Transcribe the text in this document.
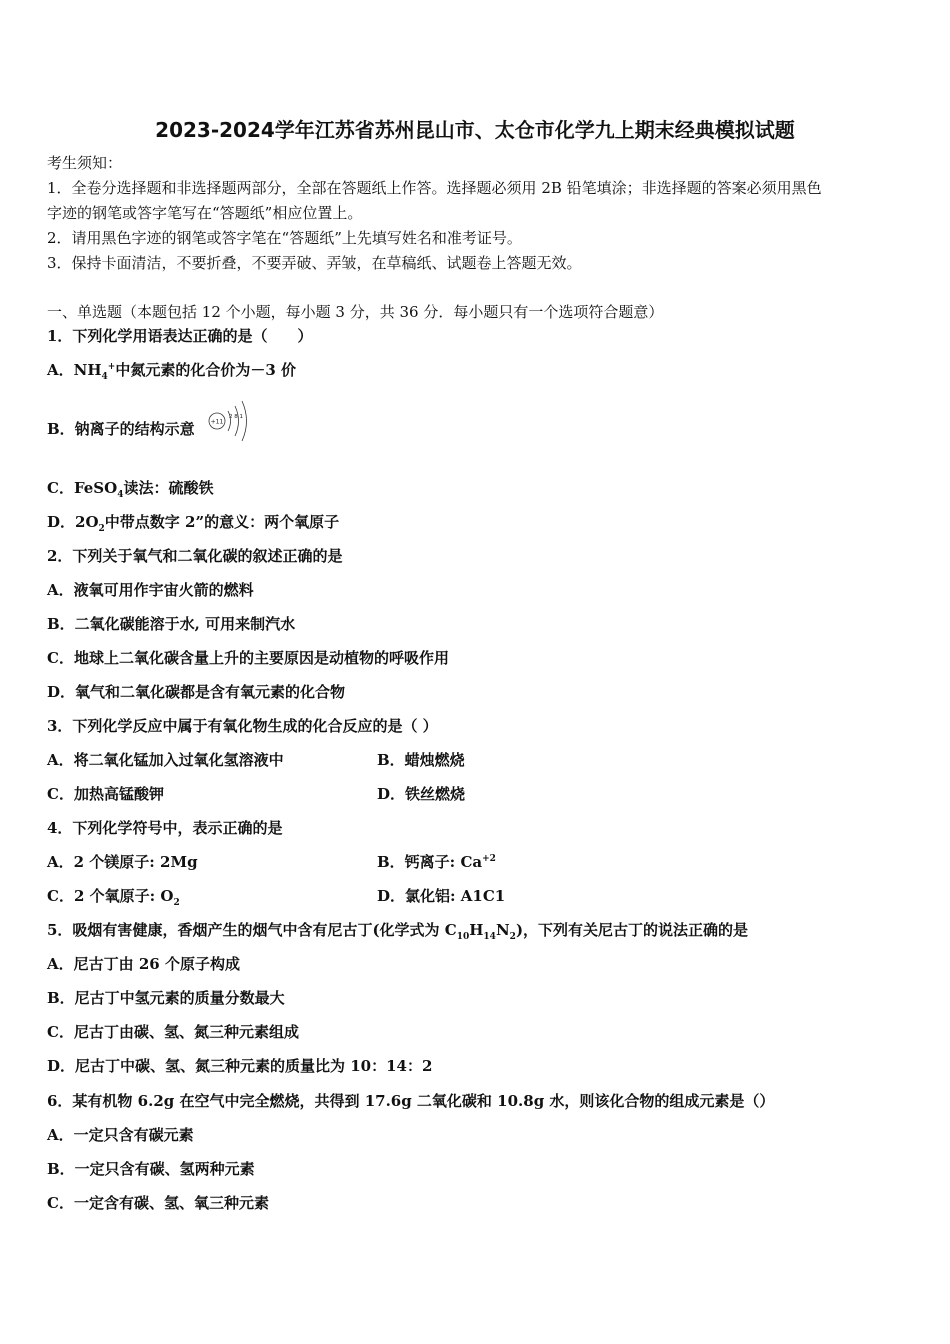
2023-2024学年江苏省苏州昆山市、太仓市化学九上期末经典模拟试题
考生须知：
1．全卷分选择题和非选择题两部分，全部在答题纸上作答。选择题必须用 2B 铅笔填涂；非选择题的答案必须用黑色
字迹的钢笔或答字笔写在“答题纸”相应位置上。
2．请用黑色字迹的钢笔或答字笔在“答题纸”上先填写姓名和准考证号。
3．保持卡面清洁，不要折叠，不要弄破、弄皱，在草稿纸、试题卷上答题无效。
一、单选题（本题包括 12 个小题，每小题 3 分，共 36 分．每小题只有一个选项符合题意）
1．下列化学用语表达正确的是（　　）
A．$NH_4^+$中氮元素的化合价为－3 价
B．钠离子的结构示意	+11
2 8 1
C．FeSO$_4$读法：硫酸铁
D．$2O_2$中带点数字 2”的意义：两个氧原子
2．下列关于氧气和二氧化碳的叙述正确的是
A．液氧可用作宇宙火箭的燃料
B．二氧化碳能溶于水, 可用来制汽水
C．地球上二氧化碳含量上升的主要原因是动植物的呼吸作用
D．氧气和二氧化碳都是含有氧元素的化合物
3．下列化学反应中属于有氧化物生成的化合反应的是（ ）
A．将二氧化锰加入过氧化氢溶液中	B．蜡烛燃烧
C．加热高锰酸钾	D．铁丝燃烧
4．下列化学符号中，表示正确的是
A．2 个镁原子: 2Mg	B．钙离子: $Ca^{+2}$
C．2 个氧原子: $O_2$	D．氯化铝: A1C1
5．吸烟有害健康，香烟产生的烟气中含有尼古丁(化学式为 $C_{10}H_{14}N_2$)，下列有关尼古丁的说法正确的是
A．尼古丁由 26 个原子构成
B．尼古丁中氢元素的质量分数最大
C．尼古丁由碳、氢、氮三种元素组成
D．尼古丁中碳、氢、氮三种元素的质量比为 10：14：2
6．某有机物 6.2g 在空气中完全燃烧，共得到 17.6g 二氧化碳和 10.8g 水，则该化合物的组成元素是（）
A．一定只含有碳元素
B．一定只含有碳、氢两种元素
C．一定含有碳、氢、氧三种元素
